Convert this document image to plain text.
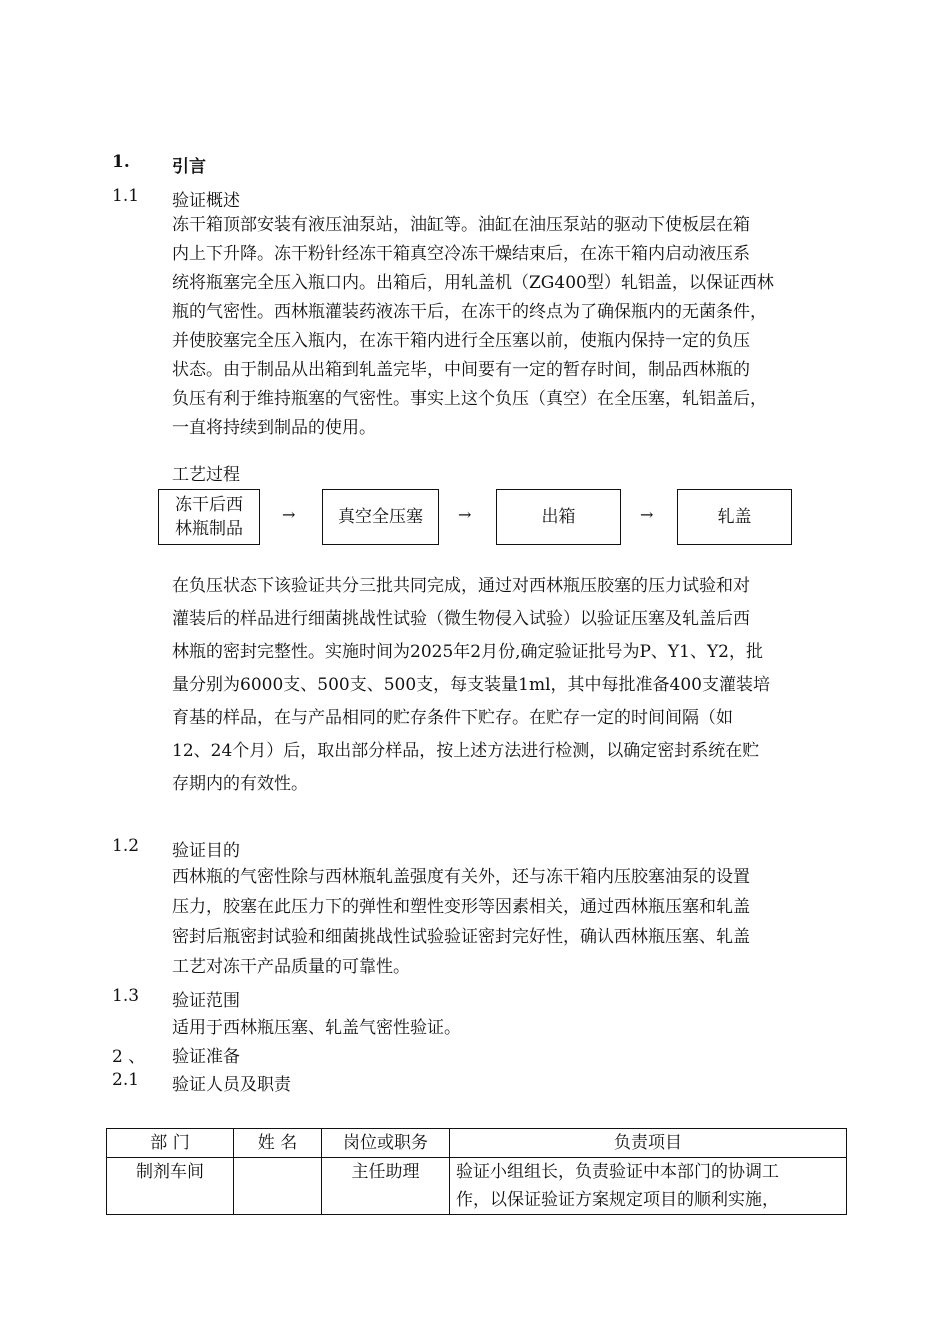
1. 引言
1.1 验证概述
冻干箱顶部安装有液压油泵站，油缸等。油缸在油压泵站的驱动下使板层在箱
内上下升降。冻干粉针经冻干箱真空冷冻干燥结束后，在冻干箱内启动液压系
统将瓶塞完全压入瓶口内。出箱后，用轧盖机（ZG400型）轧铝盖，以保证西林
瓶的气密性。西林瓶灌装药液冻干后，在冻干的终点为了确保瓶内的无菌条件，
并使胶塞完全压入瓶内，在冻干箱内进行全压塞以前，使瓶内保持一定的负压
状态。由于制品从出箱到轧盖完毕，中间要有一定的暂存时间，制品西林瓶的
负压有利于维持瓶塞的气密性。事实上这个负压（真空）在全压塞，轧铝盖后，
一直将持续到制品的使用。
工艺过程
冻干后西
林瓶制品
→	真空全压塞	→	出箱	→	轧盖
在负压状态下该验证共分三批共同完成，通过对西林瓶压胶塞的压力试验和对
灌装后的样品进行细菌挑战性试验（微生物侵入试验）以验证压塞及轧盖后西
林瓶的密封完整性。实施时间为2025年2月份,确定验证批号为P、Y1、Y2，批
量分别为6000支、500支、500支，每支装量1ml，其中每批准备400支灌装培
育基的样品，在与产品相同的贮存条件下贮存。在贮存一定的时间间隔（如
12、24个月）后，取出部分样品，按上述方法进行检测，以确定密封系统在贮
存期内的有效性。
1.2 验证目的
西林瓶的气密性除与西林瓶轧盖强度有关外，还与冻干箱内压胶塞油泵的设置
压力，胶塞在此压力下的弹性和塑性变形等因素相关，通过西林瓶压塞和轧盖
密封后瓶密封试验和细菌挑战性试验验证密封完好性，确认西林瓶压塞、轧盖
工艺对冻干产品质量的可靠性。
1.3 验证范围
适用于西林瓶压塞、轧盖气密性验证。
2 、 验证准备
2.1 验证人员及职责
部 门	姓 名	岗位或职务	负责项目
制剂车间		主任助理	验证小组组长，负责验证中本部门的协调工
作，以保证验证方案规定项目的顺利实施，
